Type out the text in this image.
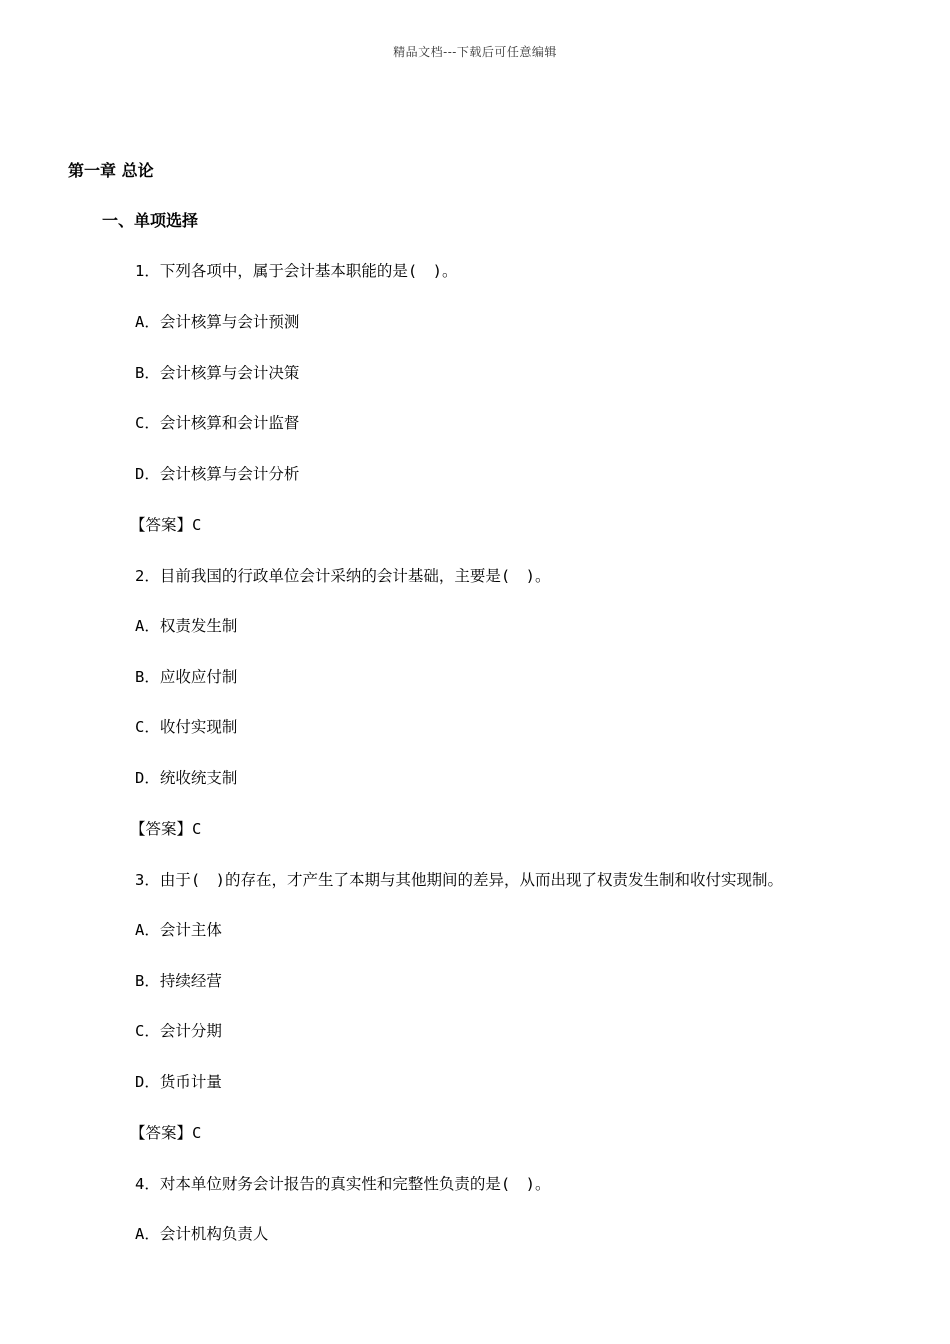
精品文档---下载后可任意编辑
第一章 总论
一、单项选择
1．下列各项中，属于会计基本职能的是(　)。
A．会计核算与会计预测
B．会计核算与会计决策
C．会计核算和会计监督
D．会计核算与会计分析
【答案】C
2．目前我国的行政单位会计采纳的会计基础，主要是(　)。
A．权责发生制
B．应收应付制
C．收付实现制
D．统收统支制
【答案】C
3．由于(　)的存在，才产生了本期与其他期间的差异，从而出现了权责发生制和收付实现制。
A．会计主体
B．持续经营
C．会计分期
D．货币计量
【答案】C
4．对本单位财务会计报告的真实性和完整性负责的是(　)。
A．会计机构负责人
